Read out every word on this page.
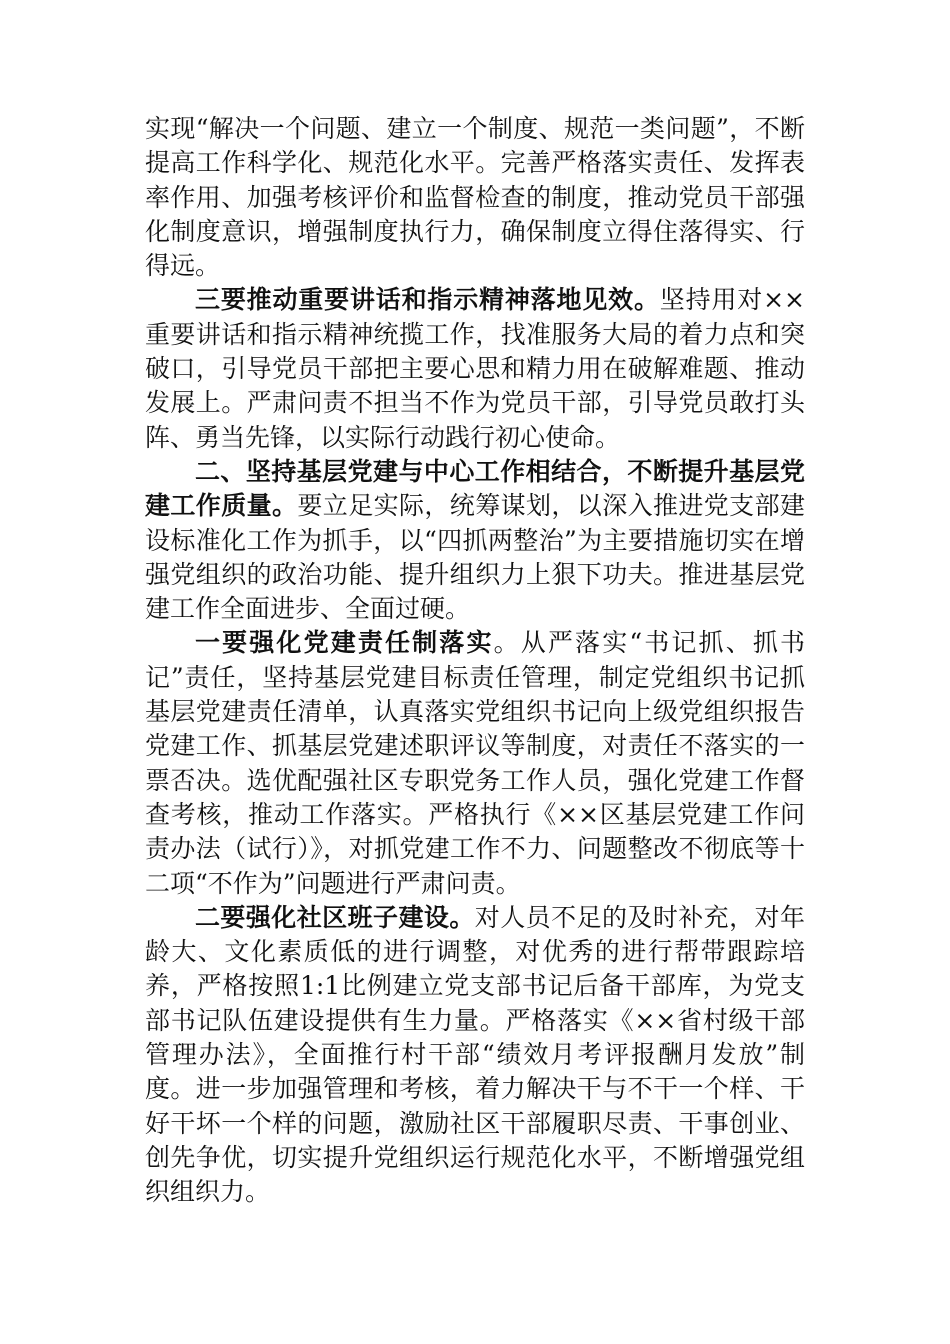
实现“解决一个问题、建立一个制度、规范一类问题”，不断提高工作科学化、规范化水平。完善严格落实责任、发挥表率作用、加强考核评价和监督检查的制度，推动党员干部强化制度意识，增强制度执行力，确保制度立得住落得实、行得远。

三要推动重要讲话和指示精神落地见效。坚持用对××重要讲话和指示精神统揽工作，找准服务大局的着力点和突破口，引导党员干部把主要心思和精力用在破解难题、推动发展上。严肃问责不担当不作为党员干部，引导党员敢打头阵、勇当先锋，以实际行动践行初心使命。

二、坚持基层党建与中心工作相结合，不断提升基层党建工作质量。要立足实际，统筹谋划，以深入推进党支部建设标准化工作为抓手，以“四抓两整治”为主要措施切实在增强党组织的政治功能、提升组织力上狠下功夫。推进基层党建工作全面进步、全面过硬。

一要强化党建责任制落实。从严落实“书记抓、抓书记”责任，坚持基层党建目标责任管理，制定党组织书记抓基层党建责任清单，认真落实党组织书记向上级党组织报告党建工作、抓基层党建述职评议等制度，对责任不落实的一票否决。选优配强社区专职党务工作人员，强化党建工作督查考核，推动工作落实。严格执行《××区基层党建工作问责办法（试行）》，对抓党建工作不力、问题整改不彻底等十二项“不作为”问题进行严肃问责。

二要强化社区班子建设。对人员不足的及时补充，对年龄大、文化素质低的进行调整，对优秀的进行帮带跟踪培养，严格按照1:1比例建立党支部书记后备干部库，为党支部书记队伍建设提供有生力量。严格落实《××省村级干部管理办法》，全面推行村干部“绩效月考评报酬月发放”制度。进一步加强管理和考核，着力解决干与不干一个样、干好干坏一个样的问题，激励社区干部履职尽责、干事创业、创先争优，切实提升党组织运行规范化水平，不断增强党组织组织力。
